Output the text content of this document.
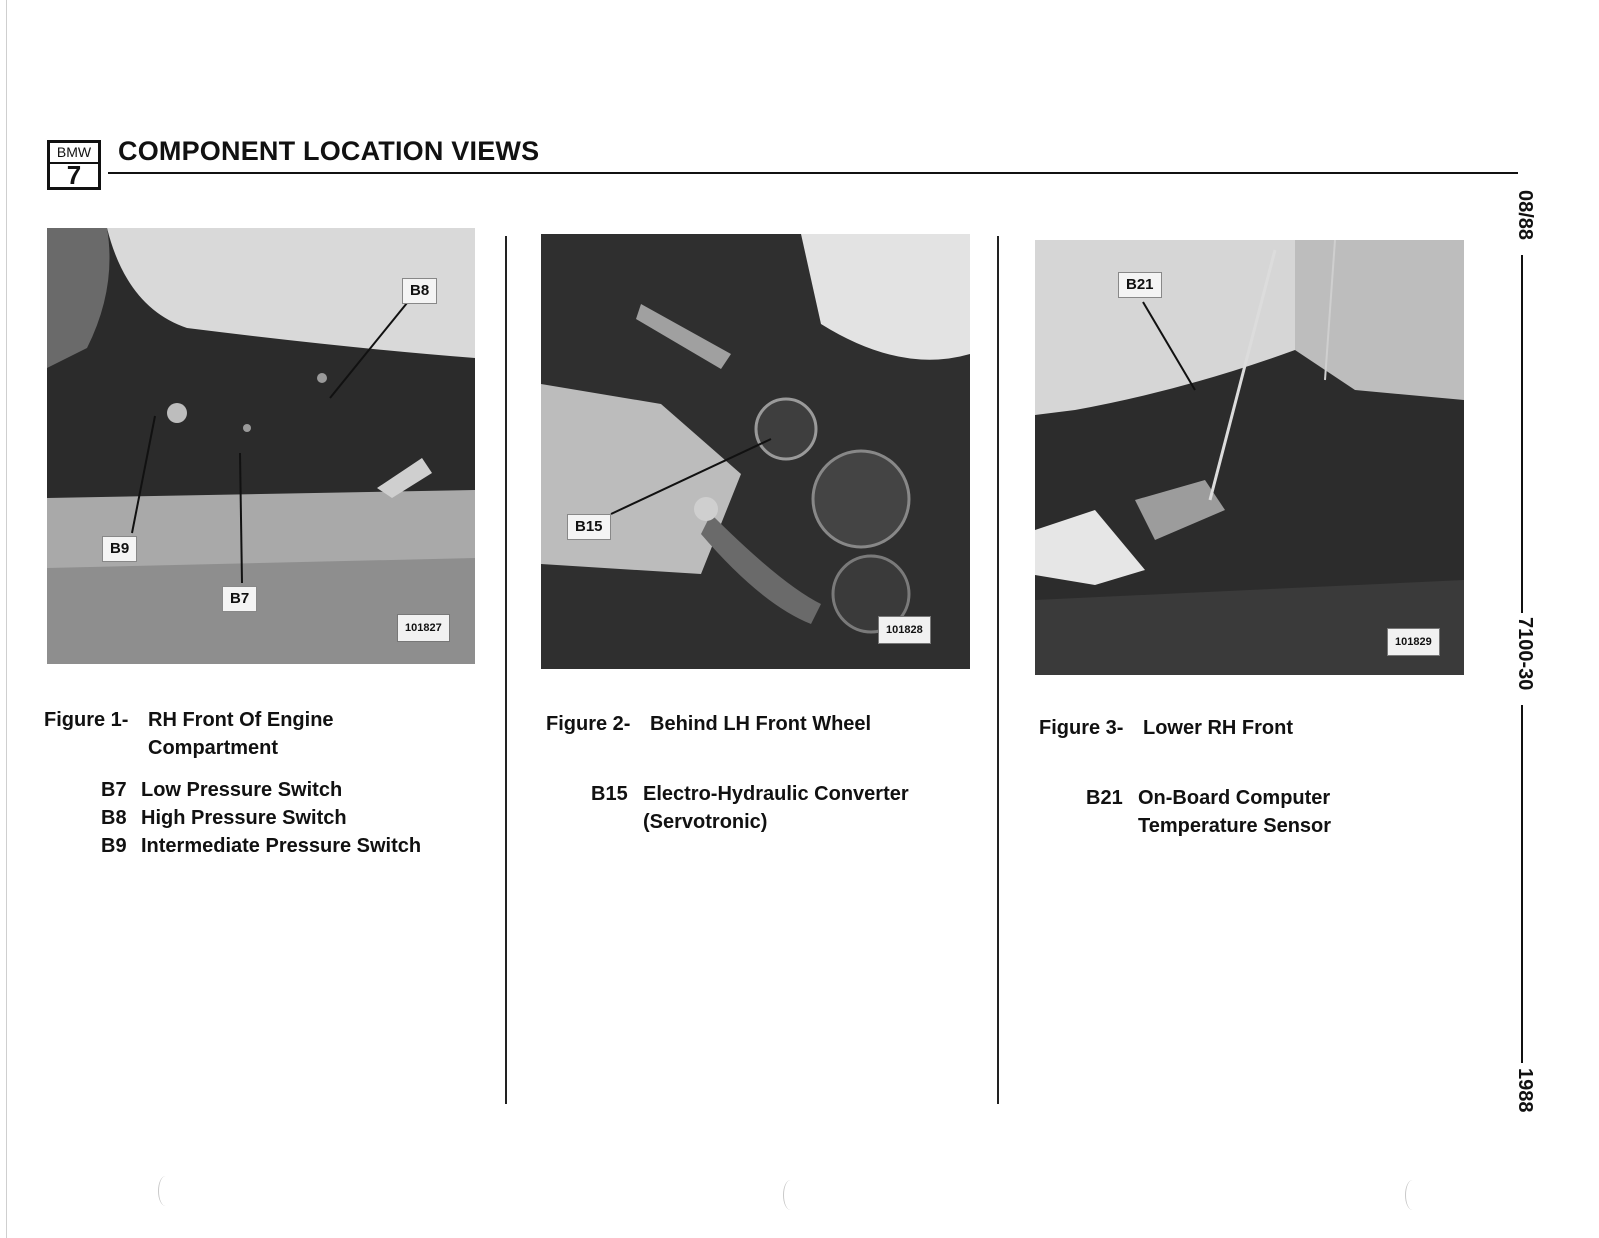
BMW
7
COMPONENT LOCATION VIEWS
B8
B9
B7
101827
B15
101828
B21
101829
Figure 1- RH Front Of Engine
Compartment
Figure 2- Behind LH Front Wheel	Figure 3- Lower RH Front
B7 Low Pressure Switch
B8 High Pressure Switch
B9 Intermediate Pressure Switch
B15 Electro-Hydraulic Converter
(Servotronic)
B21 On-Board Computer
Temperature Sensor
08/88
7100-30
1988
